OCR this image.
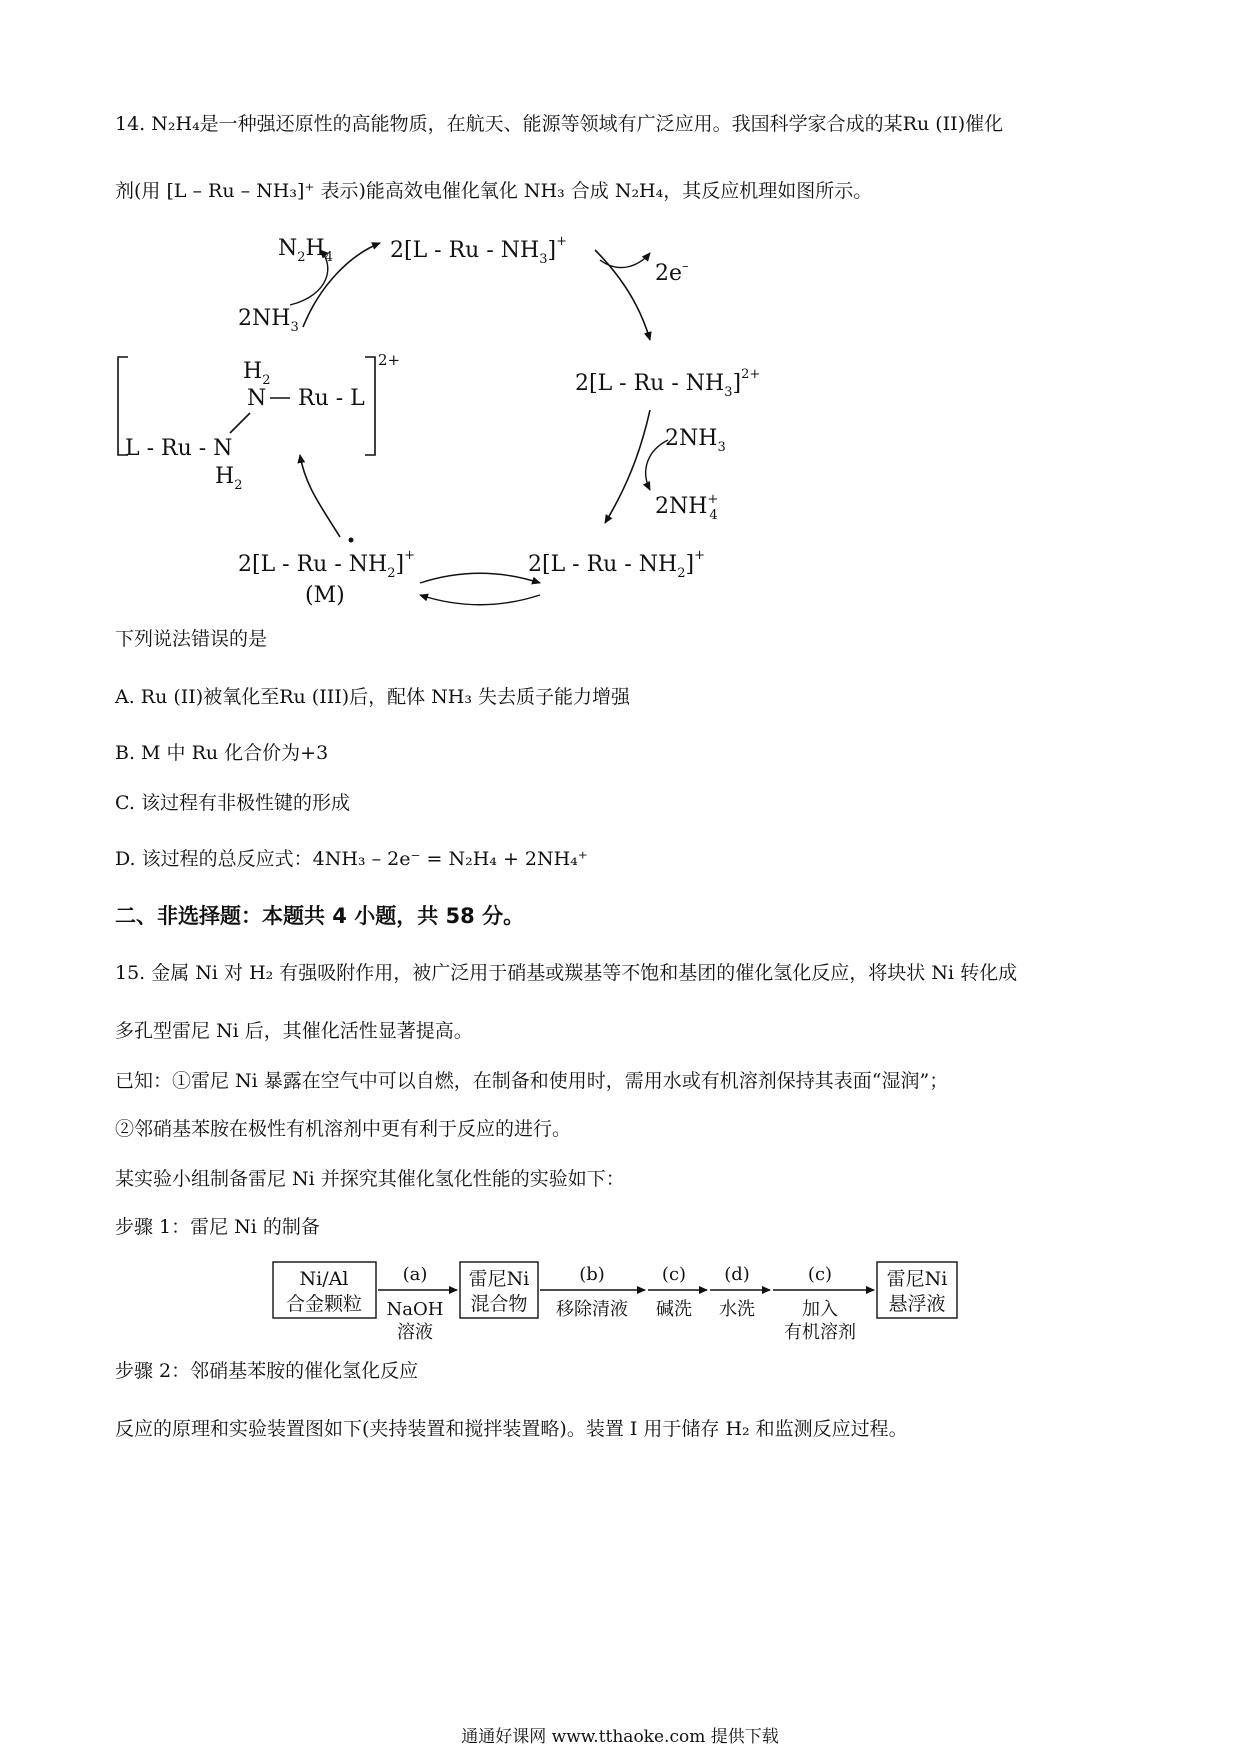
14. N₂H₄是一种强还原性的高能物质，在航天、能源等领域有广泛应用。我国科学家合成的某Ru (II)催化
剂(用 [L – Ru – NH₃]⁺ 表示)能高效电催化氧化 NH₃ 合成 N₂H₄，其反应机理如图所示。
$N_2H_4$	2[L - Ru - $NH_3]^+$
2e–
$2NH_3$
2[L - Ru - $NH_3]^{2+}$
$2NH_3$
2NH+ 4
2[L - Ru - $NH_2]^+$
2[L - Ru - $NH_2]^+$
(M)
2+
$H_2$
N Ru - L
L - Ru - N
$H_2$
下列说法错误的是
A. Ru (II)被氧化至Ru (III)后，配体 NH₃ 失去质子能力增强
B. M 中 Ru 化合价为+3
C. 该过程有非极性键的形成
D. 该过程的总反应式：4NH₃ – 2e⁻ = N₂H₄ + 2NH₄⁺
二、非选择题：本题共 4 小题，共 58 分。
15. 金属 Ni 对 H₂ 有强吸附作用，被广泛用于硝基或羰基等不饱和基团的催化氢化反应，将块状 Ni 转化成
多孔型雷尼 Ni 后，其催化活性显著提高。
已知：①雷尼 Ni 暴露在空气中可以自燃，在制备和使用时，需用水或有机溶剂保持其表面“湿润”；
②邻硝基苯胺在极性有机溶剂中更有利于反应的进行。
某实验小组制备雷尼 Ni 并探究其催化氢化性能的实验如下：
步骤 1：雷尼 Ni 的制备
Ni/Al
合金颗粒
(a)
NaOH
溶液
雷尼Ni
混合物
(b)
移除清液
(c)
碱洗
(d)
水洗
(c)
加入
有机溶剂
雷尼Ni
悬浮液
步骤 2：邻硝基苯胺的催化氢化反应
反应的原理和实验装置图如下(夹持装置和搅拌装置略)。装置 I 用于储存 H₂ 和监测反应过程。
通通好课网 www.tthaoke.com 提供下载
